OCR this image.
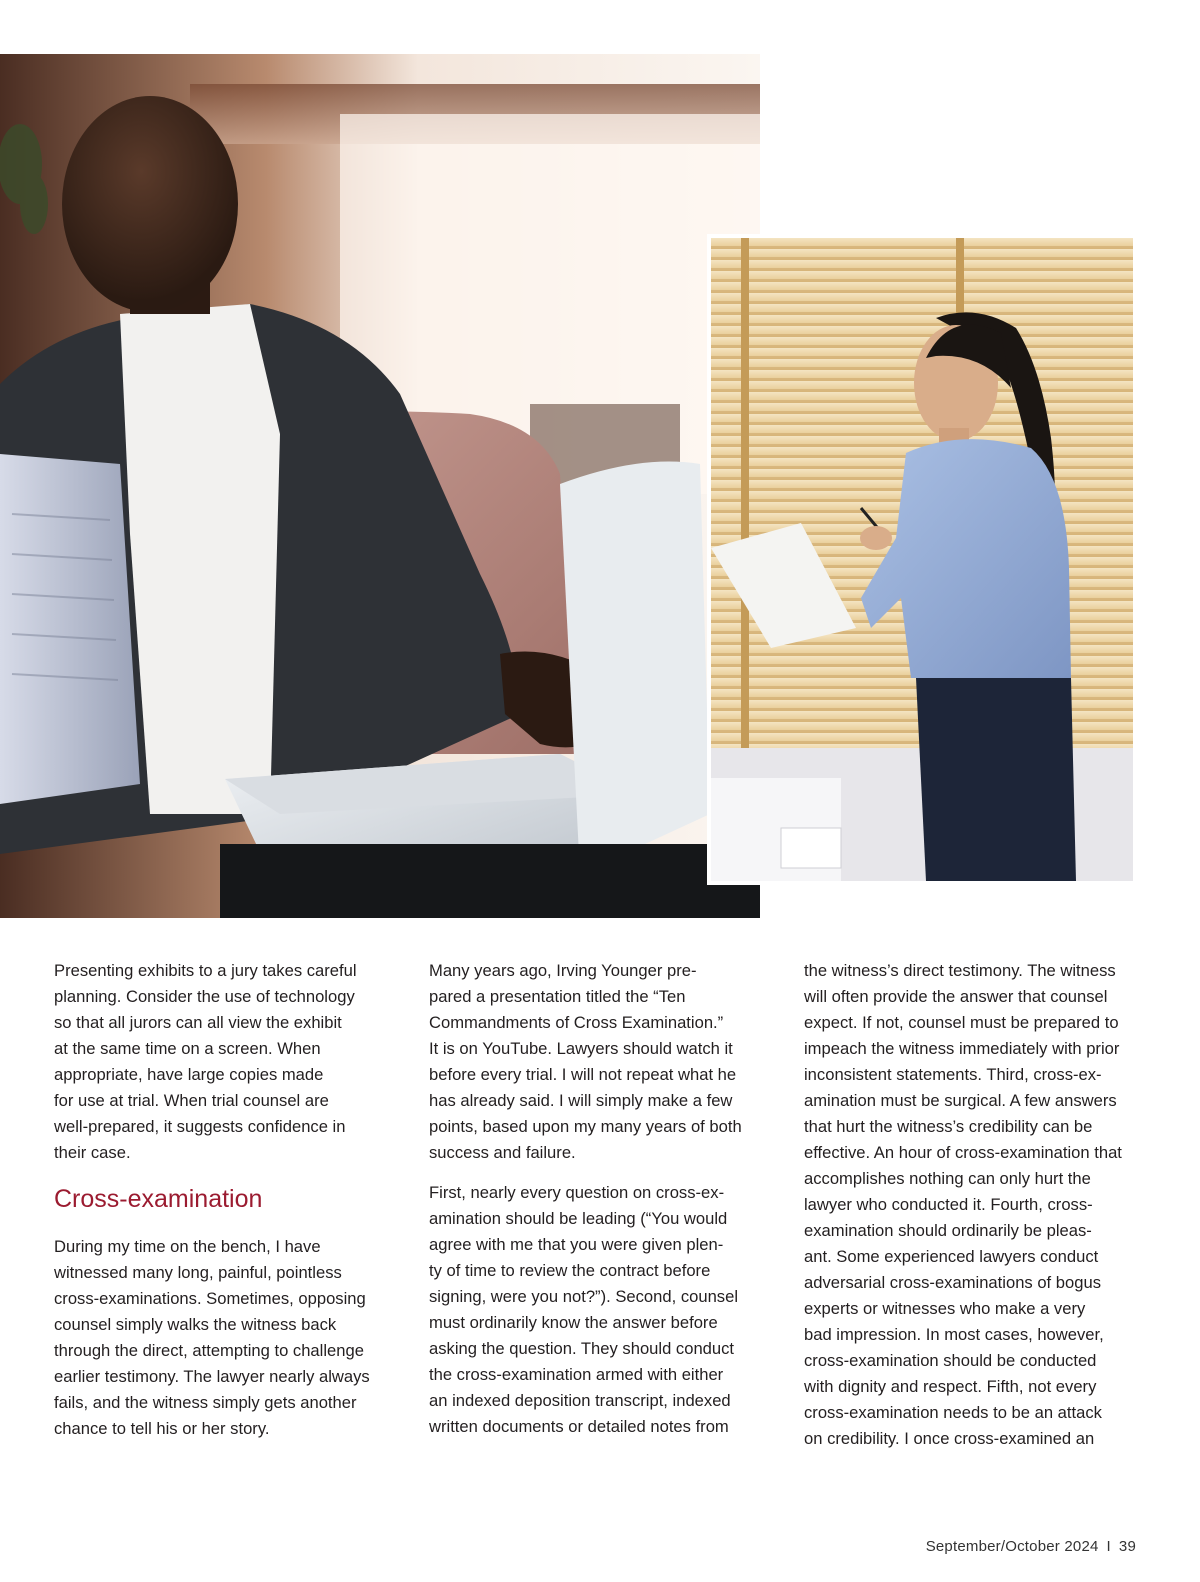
Presenting exhibits to a jury takes careful
planning. Consider the use of technology
so that all jurors can all view the exhibit
at the same time on a screen. When
appropriate, have large copies made
for use at trial. When trial counsel are
well-prepared, it suggests confidence in
their case.

Cross-examination

During my time on the bench, I have
witnessed many long, painful, pointless
cross-examinations. Sometimes, opposing
counsel simply walks the witness back
through the direct, attempting to challenge
earlier testimony. The lawyer nearly always
fails, and the witness simply gets another
chance to tell his or her story.

Many years ago, Irving Younger pre-
pared a presentation titled the “Ten
Commandments of Cross Examination.”
It is on YouTube. Lawyers should watch it
before every trial. I will not repeat what he
has already said. I will simply make a few
points, based upon my many years of both
success and failure.

First, nearly every question on cross-ex-
amination should be leading (“You would
agree with me that you were given plen-
ty of time to review the contract before
signing, were you not?”). Second, counsel
must ordinarily know the answer before
asking the question. They should conduct
the cross-examination armed with either
an indexed deposition transcript, indexed
written documents or detailed notes from

the witness’s direct testimony. The witness
will often provide the answer that counsel
expect. If not, counsel must be prepared to
impeach the witness immediately with prior
inconsistent statements. Third, cross-ex-
amination must be surgical. A few answers
that hurt the witness’s credibility can be
effective. An hour of cross-examination that
accomplishes nothing can only hurt the
lawyer who conducted it. Fourth, cross-
examination should ordinarily be pleas-
ant. Some experienced lawyers conduct
adversarial cross-examinations of bogus
experts or witnesses who make a very
bad impression. In most cases, however,
cross-examination should be conducted
with dignity and respect. Fifth, not every
cross-examination needs to be an attack
on credibility. I once cross-examined an

September/October 2024 I 39
